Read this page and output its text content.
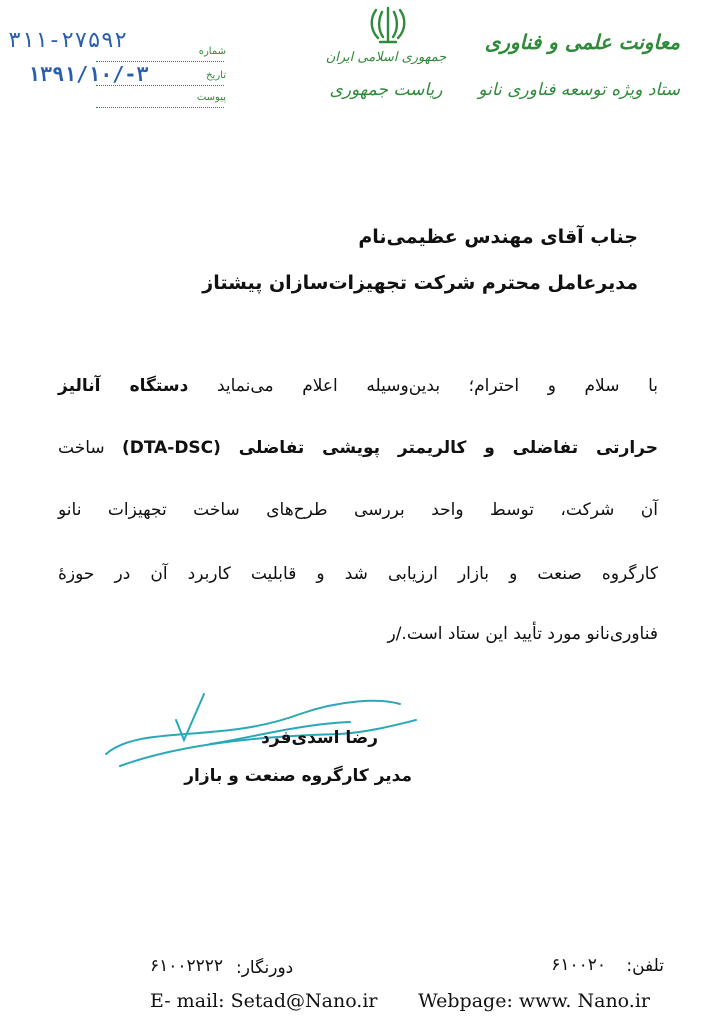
معاونت علمی و فناوری
ستاد ویژه توسعه فناوری نانو
جمهوری اسلامی ایران
ریاست جمهوری
شماره
تاریخ
پیوست
۳۱۱-۲۷۵۹۲
۱۳۹۱/۱۰/-۳
جناب آقای مهندس عظیمی‌نام
مدیرعامل محترم شرکت تجهیزات‌سازان پیشتاز
با سلام و احترام؛ بدین‌وسیله اعلام می‌نماید دستگاه آنالیز
حرارتی تفاضلی و کالریمتر پویشی تفاضلی (DTA-DSC) ساخت
آن شرکت، توسط واحد بررسی طرح‌های ساخت تجهیزات نانو
کارگروه صنعت و بازار ارزیابی شد و قابلیت کاربرد آن در حوزهٔ
فناوری‌نانو مورد تأیید این ستاد است./ر
رضا اسدی‌فرد
مدیر کارگروه صنعت و بازار
تلفن:
۶۱۰۰۲۰
دورنگار:
۶۱۰۰۲۲۲۲
Webpage: www. Nano.ir
E- mail: Setad@Nano.ir
